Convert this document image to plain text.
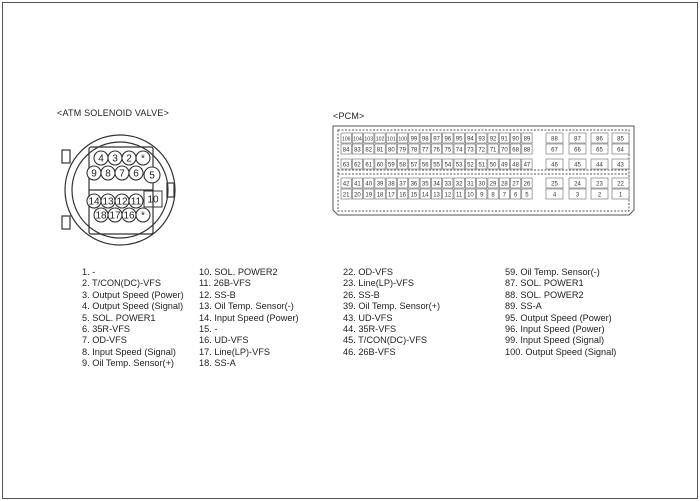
<ATM SOLENOID VALVE>	<PCM>
4 3 2 *
9 8 7 6 5
10
14 13 12 11
18 17 16 *
106 104 103 102 101 100 99 98 97 96 95 94 93 92 91 90 89
84 83 82 81 80 79 78 77 76 75 74 73 72 71 70 68 88
63 62 61 60 59 58 57 56 55 54 53 52 51 50 49 48 47
42 41 40 39 38 37 36 35 34 33 32 31 30 29 28 27 26
21 20 19 18 17 16 15 14 13 12 11 10 9 8 7 6 5
88	87	86 85
67	66	65 64
46	45	44 43
25	24	23 22
4	3	2	1
1. -
2. T/CON(DC)-VFS
3. Output Speed (Power)
4. Output Speed (Signal)
5. SOL. POWER1
6. 35R-VFS
7. OD-VFS
8. Input Speed (Signal)
9. Oil Temp. Sensor(+)
10. SOL. POWER2
11. 26B-VFS
12. SS-B
13. Oil Temp. Sensor(-)
14. Input Speed (Power)
15. -
16. UD-VFS
17. Line(LP)-VFS
18. SS-A
22. OD-VFS
23. Line(LP)-VFS
26. SS-B
39. Oil Temp. Sensor(+)
43. UD-VFS
44. 35R-VFS
45. T/CON(DC)-VFS
46. 26B-VFS
59. Oil Temp. Sensor(-)
87. SOL. POWER1
88. SOL. POWER2
89. SS-A
95. Output Speed (Power)
96. Input Speed (Power)
99. Input Speed (Signal)
100. Output Speed (Signal)
